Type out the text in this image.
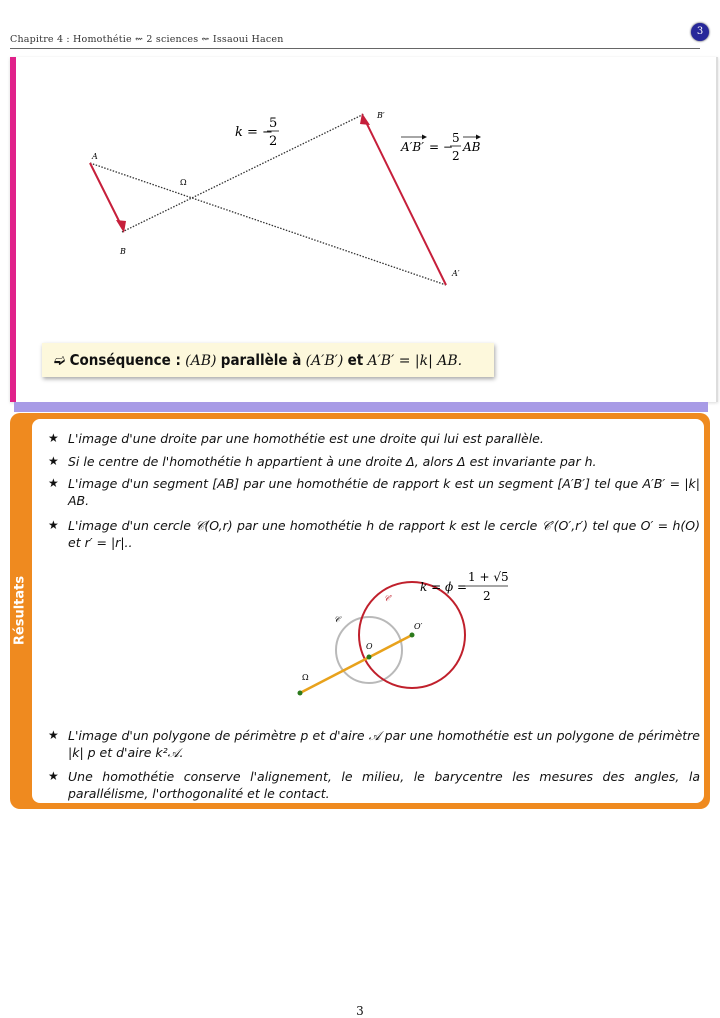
Chapitre 4 : Homothétie ⇜ 2 sciences ⇜ Issaoui Hacen
3
A
B
Ω
A′
B′
k = −
5
2	A′B′ = −
5
2
AB
➫ Conséquence : (AB) parallèle à (A′B′) et A′B′ = |k| AB.
Résultats
★ L'image d'une droite par une homothétie est une droite qui lui est parallèle.
★ Si le centre de l'homothétie h appartient à une droite Δ, alors Δ est invariante par h.
★ L'image d'un segment [AB] par une homothétie de rapport k est un segment [A′B′] tel que A′B′ = |k| AB.
★ L'image d'un cercle 𝒞(O,r) par une homothétie h de rapport k est le cercle 𝒞′(O′,r′) tel que O′ = h(O) et r′ = |r|..
𝒞
𝒞′
O
O′
Ω
k = ϕ =
1 + √5
2
★ L'image d'un polygone de périmètre p et d'aire 𝒜 par une homothétie est un polygone de périmètre |k| p et d'aire k²𝒜.
★ Une homothétie conserve l'alignement, le milieu, le barycentre les mesures des angles, la parallélisme, l'orthogonalité et le contact.
3
